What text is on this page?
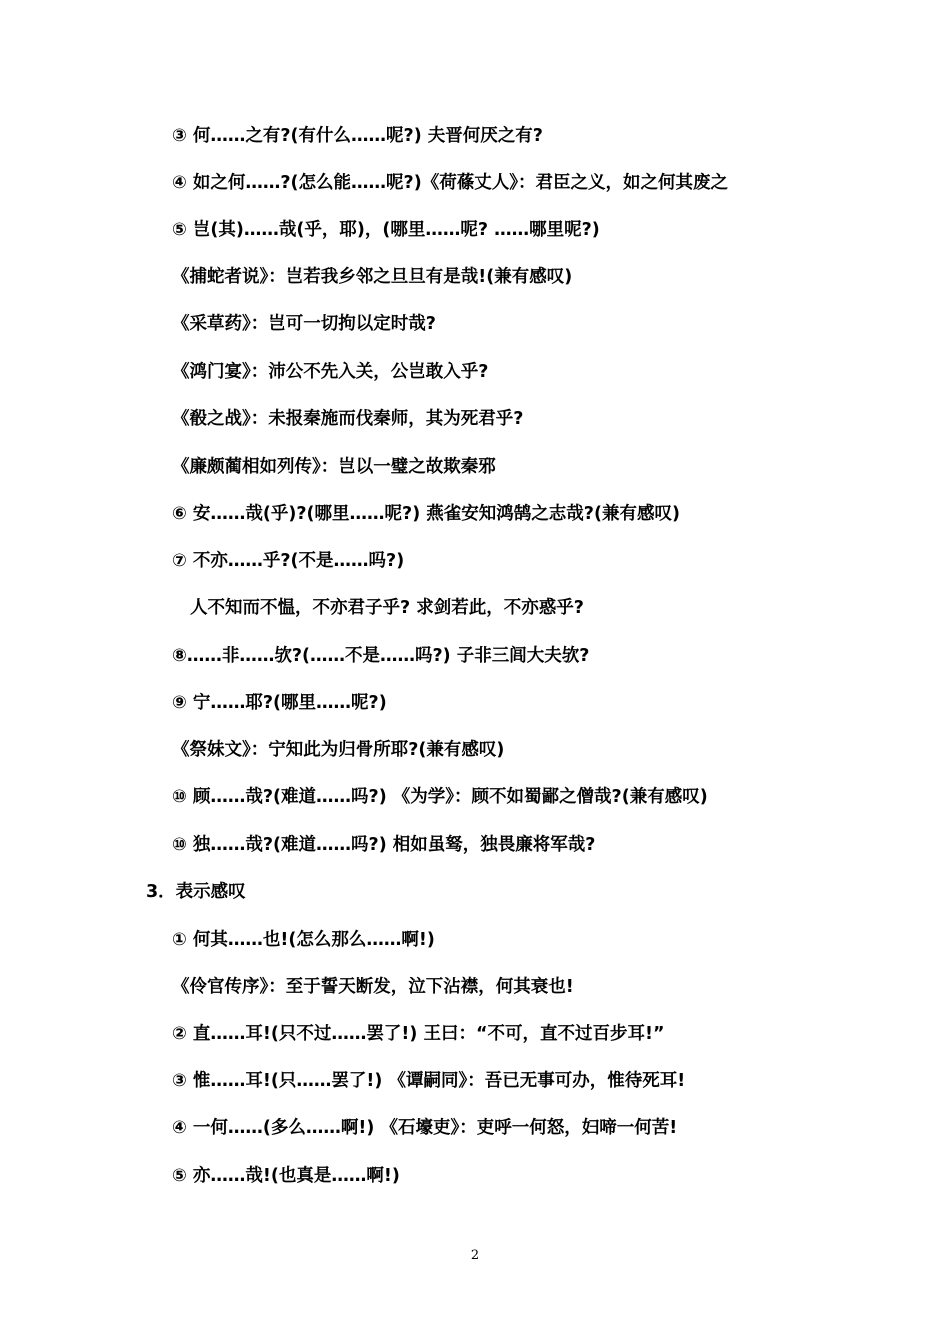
③ 何……之有?(有什么……呢?) 夫晋何厌之有?
④ 如之何……?(怎么能……呢?)《荷蓧丈人》：君臣之义，如之何其废之
⑤ 岂(其)……哉(乎，耶)，(哪里……呢? ……哪里呢?)
《捕蛇者说》：岂若我乡邻之旦旦有是哉!(兼有感叹)
《采草药》：岂可一切拘以定时哉?
《鸿门宴》：沛公不先入关，公岂敢入乎?
《殽之战》：未报秦施而伐秦师，其为死君乎?
《廉颇蔺相如列传》：岂以一璧之故欺秦邪
⑥ 安……哉(乎)?(哪里……呢?) 燕雀安知鸿鹄之志哉?(兼有感叹)
⑦ 不亦……乎?(不是……吗?)
人不知而不愠，不亦君子乎? 求剑若此，不亦惑乎?
⑧……非……欤?(……不是……吗?) 子非三闾大夫欤?
⑨ 宁……耶?(哪里……呢?)
《祭妹文》：宁知此为归骨所耶?(兼有感叹)
⑩ 顾……哉?(难道……吗?) 《为学》：顾不如蜀鄙之僧哉?(兼有感叹)
⑩ 独……哉?(难道……吗?) 相如虽驽，独畏廉将军哉?
3．表示感叹
① 何其……也!(怎么那么……啊!)
《伶官传序》：至于誓天断发，泣下沾襟，何其衰也!
② 直……耳!(只不过……罢了!) 王曰：“不可，直不过百步耳!”
③ 惟……耳!(只……罢了!) 《谭嗣同》：吾已无事可办，惟待死耳!
④ 一何……(多么……啊!) 《石壕吏》：吏呼一何怒，妇啼一何苦!
⑤ 亦……哉!(也真是……啊!)
2
